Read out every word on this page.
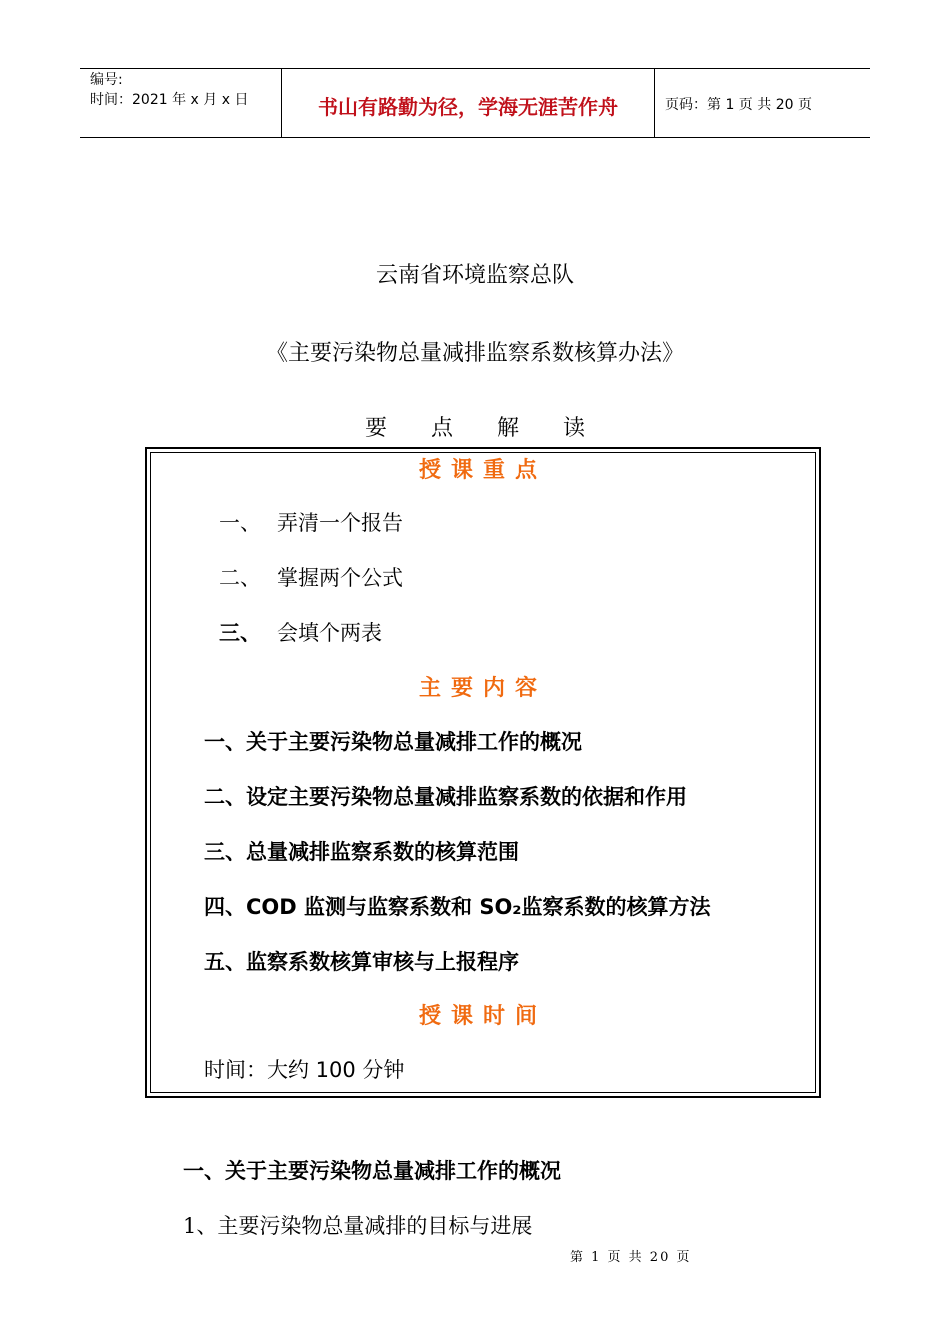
编号:
时间：2021 年 x 月 x 日	书山有路勤为径，学海无涯苦作舟	页码：第 1 页 共 20 页
云南省环境监察总队
《主要污染物总量减排监察系数核算办法》
要　　点　　解　　读
授课重点
一、 弄清一个报告
二、 掌握两个公式
三、 会填个两表
主要内容
一、关于主要污染物总量减排工作的概况
二、设定主要污染物总量减排监察系数的依据和作用
三、总量减排监察系数的核算范围
四、COD 监测与监察系数和 SO₂监察系数的核算方法
五、监察系数核算审核与上报程序
授课时间
时间：大约 100 分钟
一、关于主要污染物总量减排工作的概况
1、主要污染物总量减排的目标与进展
第 1 页 共 20 页
